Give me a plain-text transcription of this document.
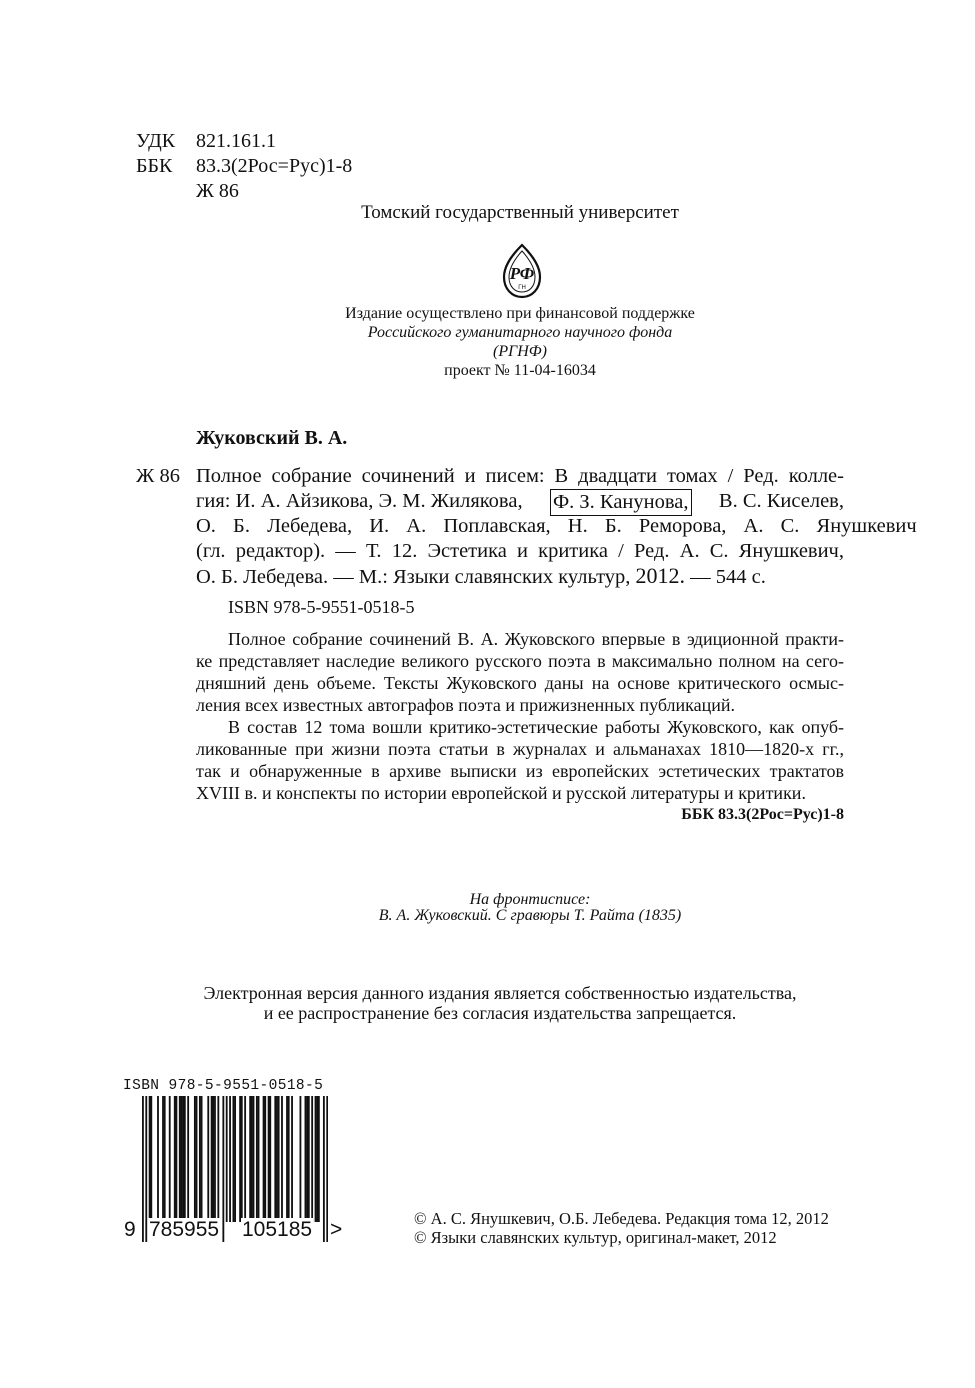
УДК 821.161.1
ББК 83.3(2Рос=Рус)1-8
Ж 86
Томский государственный университет
РФ
ГН
Издание осуществлено при финансовой поддержке
Российского гуманитарного научного фонда
(РГНФ)
проект № 11-04-16034
Жуковский В. А.
Ж 86 Полное собрание сочинений и писем: В двадцати томах / Ред. колле-
гия: И. А. Айзикова, Э. М. Жилякова, Ф. З. Канунова, В. С. Киселев,
О. Б. Лебедева, И. А. Поплавская, Н. Б. Реморова, А. С. Янушкевич
(гл. редактор). — Т. 12. Эстетика и критика / Ред. А. С. Янушкевич,
О. Б. Лебедева. — М.: Языки славянских культур, 2012. — 544 с.
ISBN 978-5-9551-0518-5
Полное собрание сочинений В. А. Жуковского впервые в эдиционной практи-
ке представляет наследие великого русского поэта в максимально полном на сего-
дняшний день объеме. Тексты Жуковского даны на основе критического осмыс-
ления всех известных автографов поэта и прижизненных публикаций.
В состав 12 тома вошли критико-эстетические работы Жуковского, как опуб-
ликованные при жизни поэта статьи в журналах и альманахах 1810—1820-х гг.,
так и обнаруженные в архиве выписки из европейских эстетических трактатов
XVIII в. и конспекты по истории европейской и русской литературы и критики.
ББК 83.3(2Рос=Рус)1-8
На фронтисписе:
В. А. Жуковский. С гравюры Т. Райта (1835)
Электронная версия данного издания является собственностью издательства,
и ее распространение без согласия издательства запрещается.
ISBN 978-5-9551-0518-5
9 785955 105185 >	© А. С. Янушкевич, О.Б. Лебедева. Редакция тома 12, 2012
© Языки славянских культур, оригинал-макет, 2012
